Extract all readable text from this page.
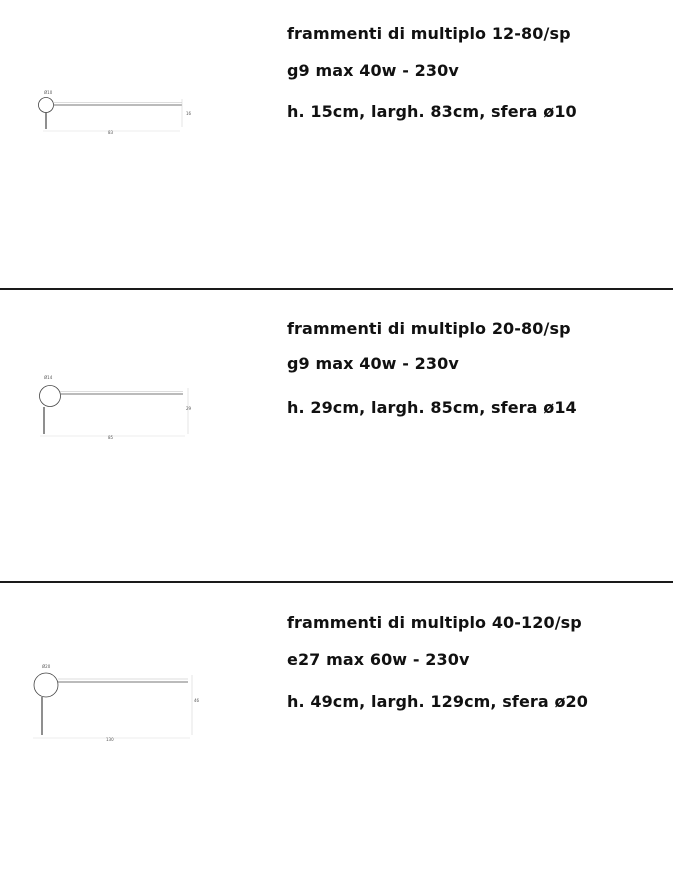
Ø10
16
83
frammenti di multiplo 12-80/sp
g9 max 40w - 230v
h. 15cm, largh. 83cm, sfera ø10
Ø14
29
85
frammenti di multiplo 20-80/sp
g9 max 40w - 230v
h. 29cm, largh. 85cm, sfera ø14
Ø20
46
130
frammenti di multiplo 40-120/sp
e27 max 60w - 230v
h. 49cm, largh. 129cm, sfera ø20
